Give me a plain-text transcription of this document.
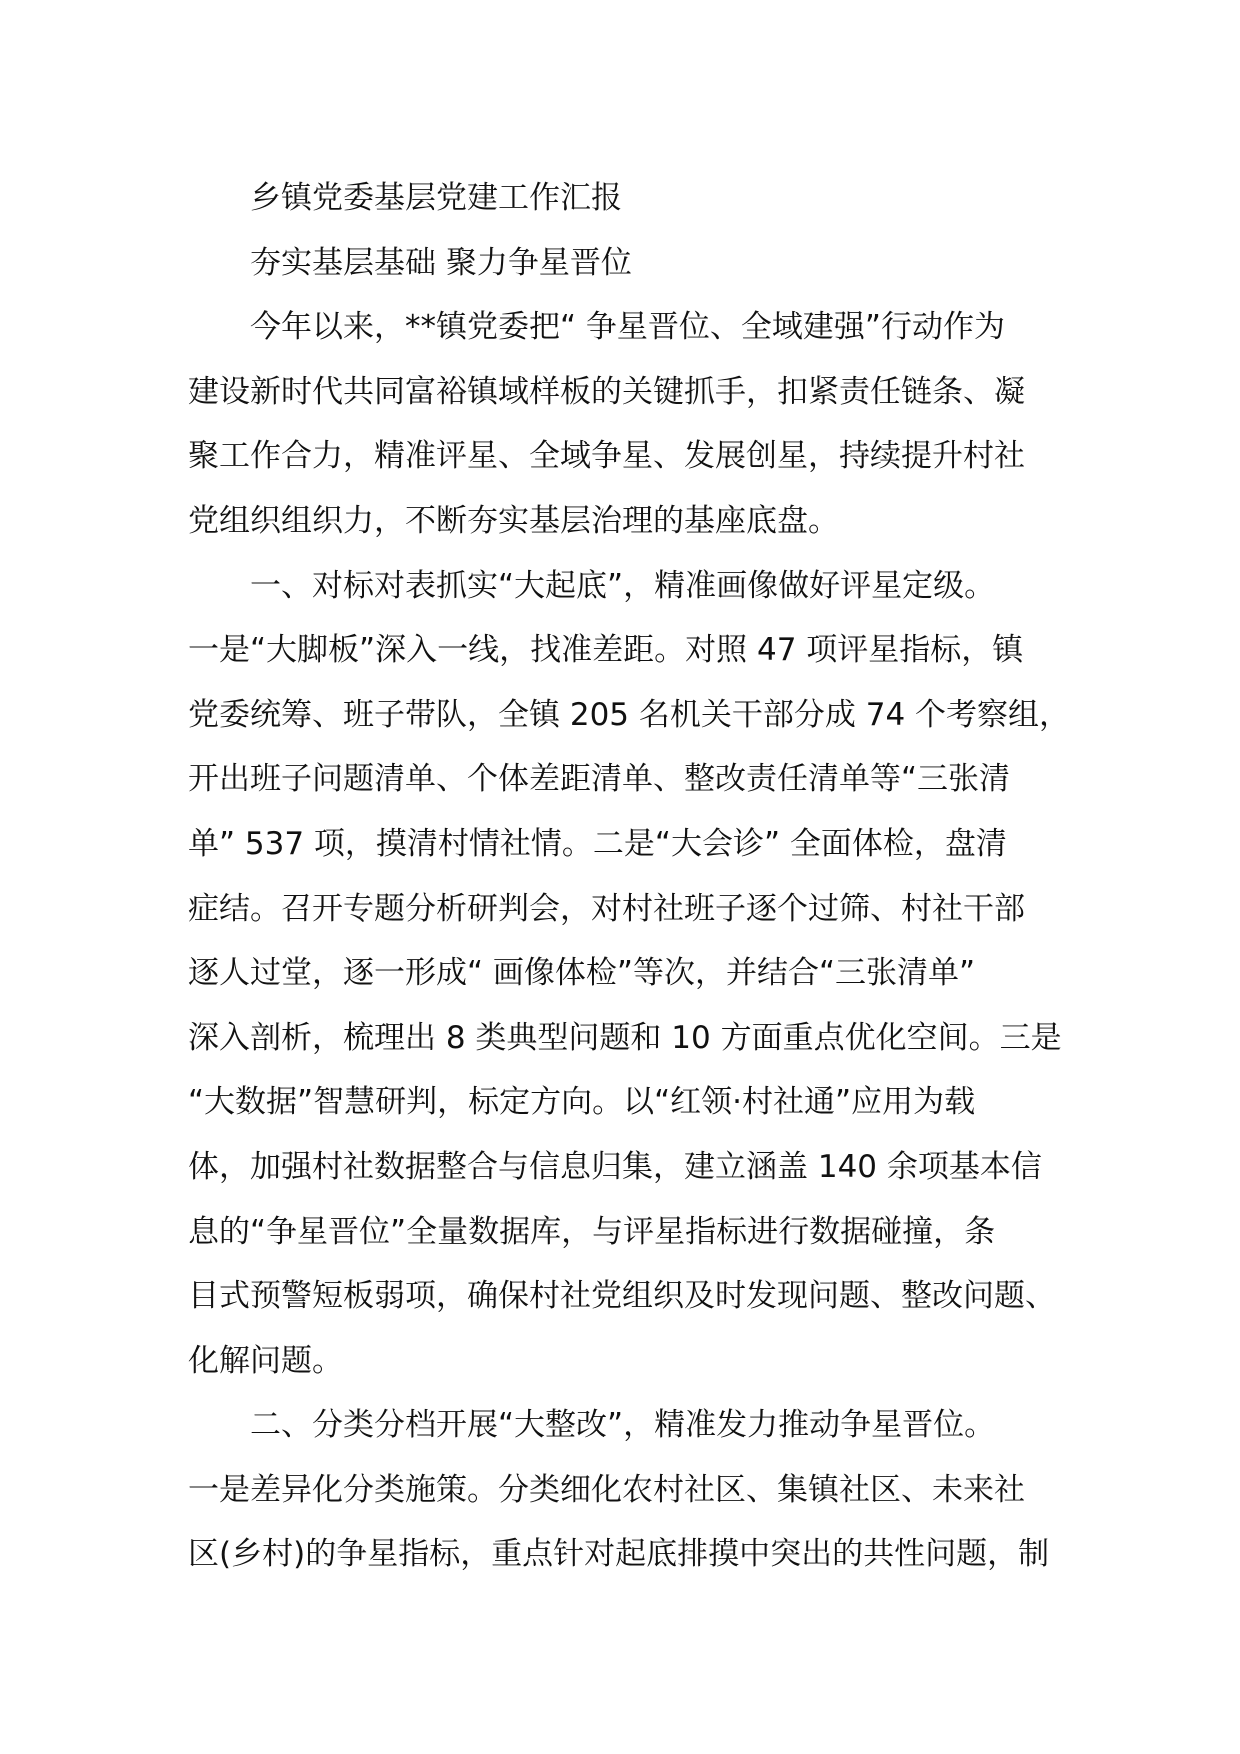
乡镇党委基层党建工作汇报
夯实基层基础 聚力争星晋位
今年以来，**镇党委把“ 争星晋位、全域建强”行动作为
建设新时代共同富裕镇域样板的关键抓手，扣紧责任链条、凝
聚工作合力，精准评星、全域争星、发展创星，持续提升村社
党组织组织力，不断夯实基层治理的基座底盘。
一、对标对表抓实“大起底”，精准画像做好评星定级。
一是“大脚板”深入一线，找准差距。对照 47 项评星指标，镇
党委统筹、班子带队，全镇 205 名机关干部分成 74 个考察组，
开出班子问题清单、个体差距清单、整改责任清单等“三张清
单” 537 项，摸清村情社情。二是“大会诊” 全面体检，盘清
症结。召开专题分析研判会，对村社班子逐个过筛、村社干部
逐人过堂，逐一形成“ 画像体检”等次，并结合“三张清单”
深入剖析，梳理出 8 类典型问题和 10 方面重点优化空间。三是
“大数据”智慧研判，标定方向。以“红领·村社通”应用为载
体，加强村社数据整合与信息归集，建立涵盖 140 余项基本信
息的“争星晋位”全量数据库，与评星指标进行数据碰撞，条
目式预警短板弱项，确保村社党组织及时发现问题、整改问题、
化解问题。
二、分类分档开展“大整改”，精准发力推动争星晋位。
一是差异化分类施策。分类细化农村社区、集镇社区、未来社
区(乡村)的争星指标，重点针对起底排摸中突出的共性问题，制
